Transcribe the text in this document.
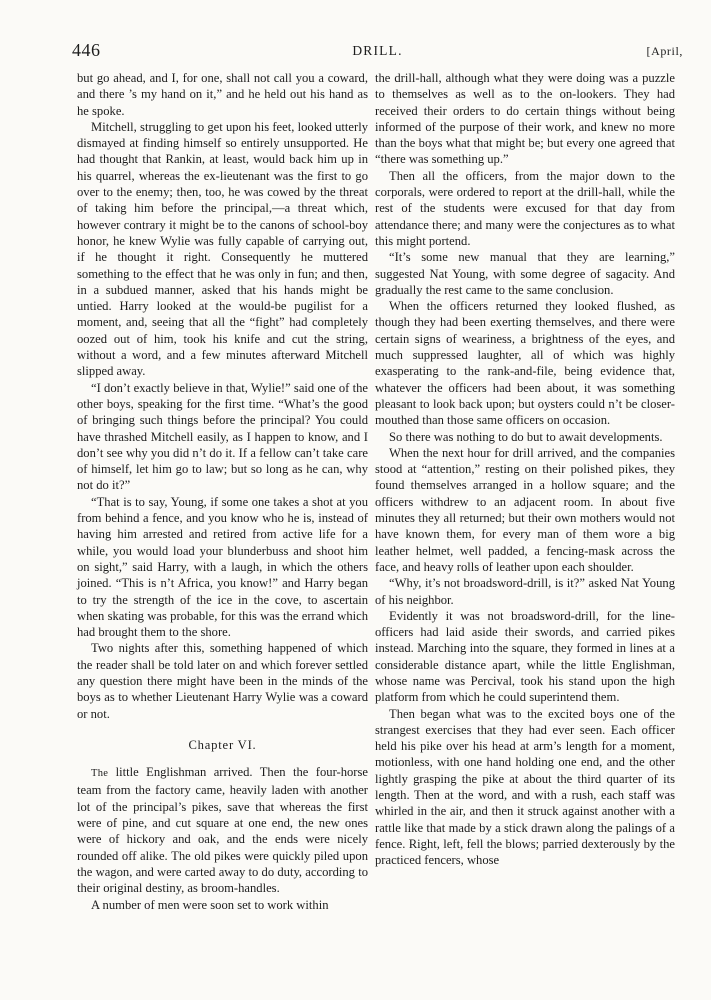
446	DRILL.	[April,

but go ahead, and I, for one, shall not call you a coward, and there ’s my hand on it,” and he held out his hand as he spoke.

Mitchell, struggling to get upon his feet, looked utterly dismayed at finding himself so entirely unsupported. He had thought that Rankin, at least, would back him up in his quarrel, whereas the ex-lieutenant was the first to go over to the enemy; then, too, he was cowed by the threat of taking him before the principal,—a threat which, however contrary it might be to the canons of school-boy honor, he knew Wylie was fully capable of carrying out, if he thought it right. Consequently he muttered something to the effect that he was only in fun; and then, in a subdued manner, asked that his hands might be untied. Harry looked at the would-be pugilist for a moment, and, seeing that all the “fight” had completely oozed out of him, took his knife and cut the string, without a word, and a few minutes afterward Mitchell slipped away.

“I don’t exactly believe in that, Wylie!” said one of the other boys, speaking for the first time. “What’s the good of bringing such things before the principal? You could have thrashed Mitchell easily, as I happen to know, and I don’t see why you did n’t do it. If a fellow can’t take care of himself, let him go to law; but so long as he can, why not do it?”

“That is to say, Young, if some one takes a shot at you from behind a fence, and you know who he is, instead of having him arrested and retired from active life for a while, you would load your blunderbuss and shoot him on sight,” said Harry, with a laugh, in which the others joined. “This is n’t Africa, you know!” and Harry began to try the strength of the ice in the cove, to ascertain when skating was probable, for this was the errand which had brought them to the shore.

Two nights after this, something happened of which the reader shall be told later on and which forever settled any question there might have been in the minds of the boys as to whether Lieutenant Harry Wylie was a coward or not.

Chapter VI.

The little Englishman arrived. Then the four-horse team from the factory came, heavily laden with another lot of the principal’s pikes, save that whereas the first were of pine, and cut square at one end, the new ones were of hickory and oak, and the ends were nicely rounded off alike. The old pikes were quickly piled upon the wagon, and were carted away to do duty, according to their original destiny, as broom-handles.

A number of men were soon set to work within

the drill-hall, although what they were doing was a puzzle to themselves as well as to the on-lookers. They had received their orders to do certain things without being informed of the purpose of their work, and knew no more than the boys what that might be; but every one agreed that “there was something up.”

Then all the officers, from the major down to the corporals, were ordered to report at the drill-hall, while the rest of the students were excused for that day from attendance there; and many were the conjectures as to what this might portend.

“It’s some new manual that they are learning,” suggested Nat Young, with some degree of sagacity. And gradually the rest came to the same conclusion.

When the officers returned they looked flushed, as though they had been exerting themselves, and there were certain signs of weariness, a brightness of the eyes, and much suppressed laughter, all of which was highly exasperating to the rank-and-file, being evidence that, whatever the officers had been about, it was something pleasant to look back upon; but oysters could n’t be closer-mouthed than those same officers on occasion.

So there was nothing to do but to await developments.

When the next hour for drill arrived, and the companies stood at “attention,” resting on their polished pikes, they found themselves arranged in a hollow square; and the officers withdrew to an adjacent room. In about five minutes they all returned; but their own mothers would not have known them, for every man of them wore a big leather helmet, well padded, a fencing-mask across the face, and heavy rolls of leather upon each shoulder.

“Why, it’s not broadsword-drill, is it?” asked Nat Young of his neighbor.

Evidently it was not broadsword-drill, for the line-officers had laid aside their swords, and carried pikes instead. Marching into the square, they formed in lines at a considerable distance apart, while the little Englishman, whose name was Percival, took his stand upon the high platform from which he could superintend them.

Then began what was to the excited boys one of the strangest exercises that they had ever seen. Each officer held his pike over his head at arm’s length for a moment, motionless, with one hand holding one end, and the other lightly grasping the pike at about the third quarter of its length. Then at the word, and with a rush, each staff was whirled in the air, and then it struck against another with a rattle like that made by a stick drawn along the palings of a fence. Right, left, fell the blows; parried dexterously by the practiced fencers, whose
